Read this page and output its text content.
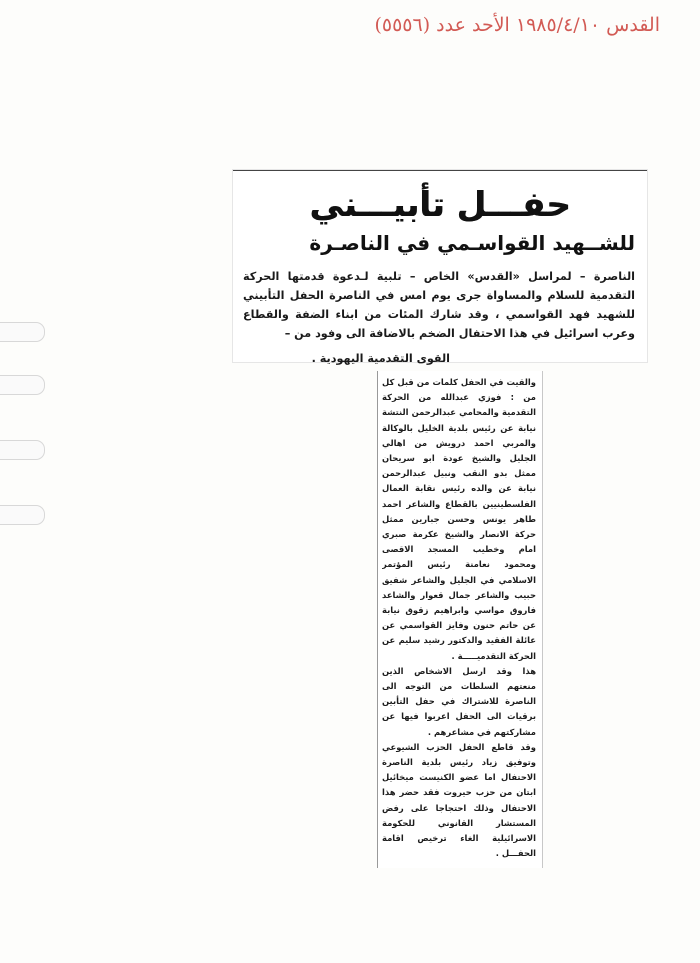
القدس ١٩٨٥/٤/١٠ الأحد عدد (٥٥٥٦)
حفـــل تأبيـــني
للشــهيد القواسـمي في الناصـرة
الناصرة – لمراسل «القدس» الخاص – تلبية لـدعوة قدمتها الحركة التقدمية للسلام والمساواة جرى يوم امس في الناصرة الحفل التأبيني للشهيد فهد القواسمي ، وقد شارك المئات من ابناء الضفة والقطاع وعرب اسرائيل في هذا الاحتفال الضخم بالاضافة الى وفود من –
القوى التقدمية اليهودية .

والقيت في الحفل كلمات من قبل كل من : فوزي عبدالله من الحركة التقدمية والمحامي عبدالرحمن النتشة نيابة عن رئيس بلدية الخليل بالوكالة والمربي احمد درويش من اهالي الجليل والشيخ عودة ابو سريحان ممثل بدو النقب ونبيل عبدالرحمن نيابة عن والده رئيس نقابة العمال الفلسطينيين بالقطاع والشاعر احمد طاهر يونس وحسن جبارين ممثل حركة الانصار والشيخ عكرمة صبري امام وخطيب المسجد الاقصى ومحمود نعامنة رئيس المؤتمر الاسلامي في الجليل والشاعر شفيق حبيب والشاعر جمال قعوار والشاعد فاروق مواسي وابراهيم زقوق نيابة عن حاتم حنون وفايز القواسمي عن عائلة الفقيد والدكتور رشيد سليم عن الحركة التقدميـــــة .

هذا وقد ارسل الاشخاص الذين منعتهم السلطات من التوجه الى الناصرة للاشتراك في حفل التأبين برقيات الى الحفل اعربوا فيها عن مشاركتهم في مشاعرهم .

وقد قاطع الحفل الحزب الشيوعي وتوفيق زياد رئيس بلدية الناصرة الاحتفال اما عضو الكنيست ميخائيل ابتان من حزب حيروت فقد حضر هذا الاحتفال وذلك احتجاجا على رفض المستشار القانوني للحكومة الاسرائيلية الغاء ترخيص اقامة الحفـــل .
